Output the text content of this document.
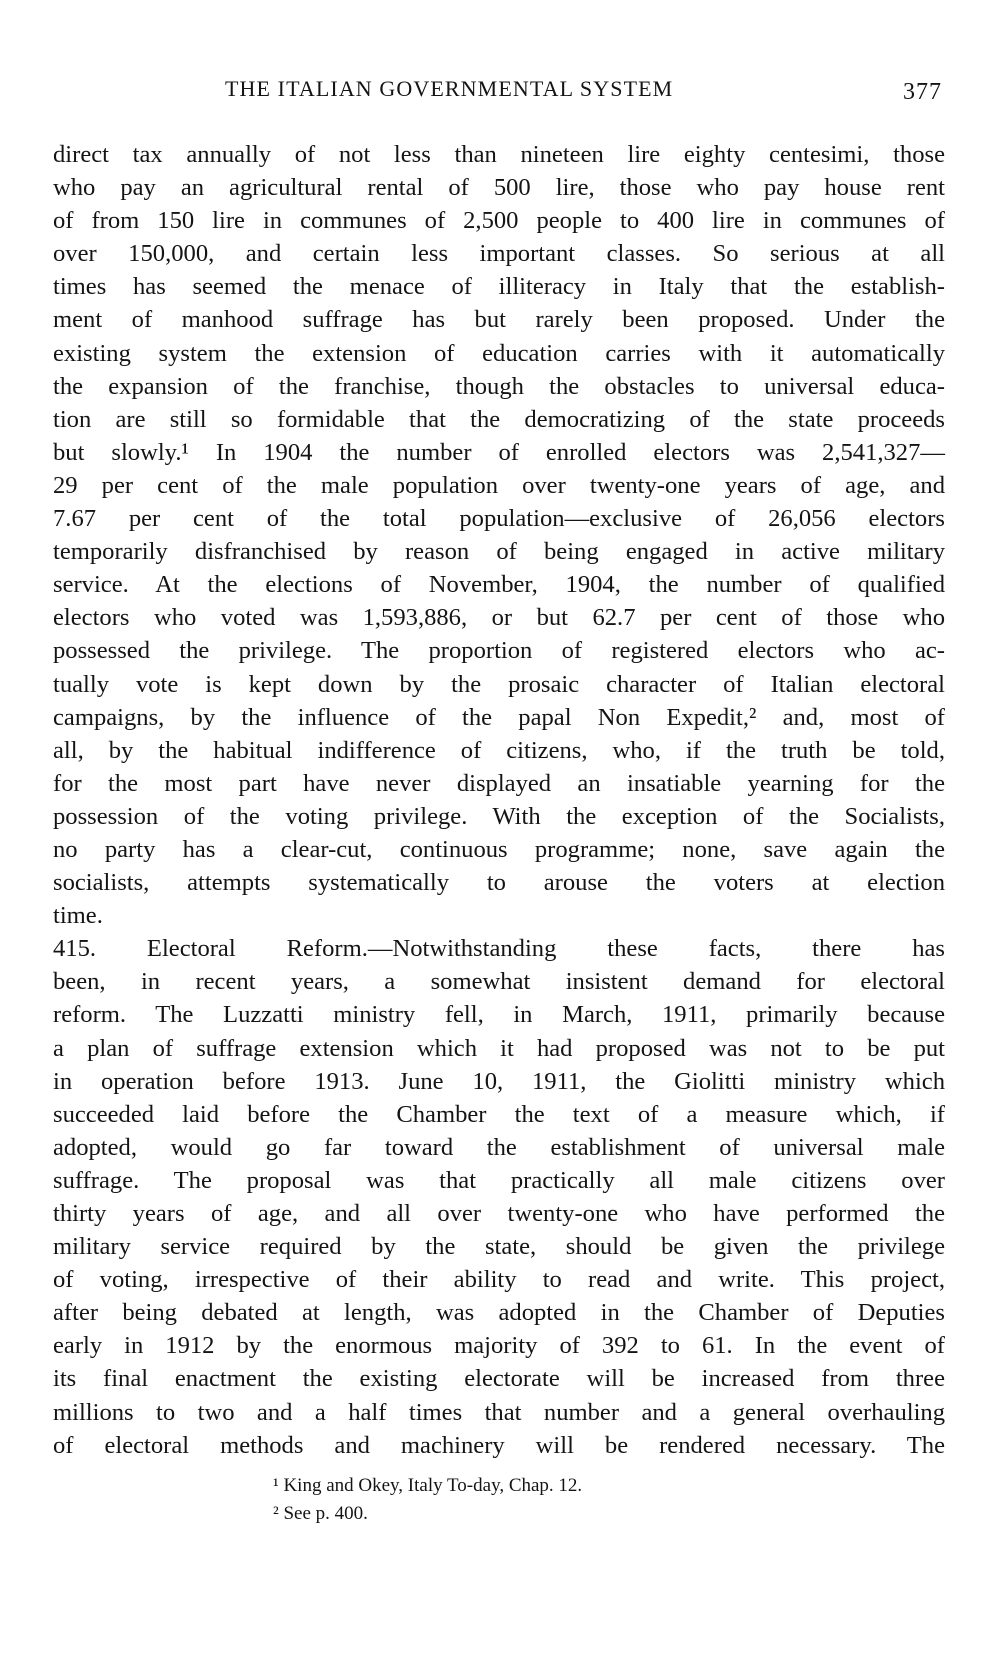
THE ITALIAN GOVERNMENTAL SYSTEM	377
direct tax annually of not less than nineteen lire eighty centesimi, those
who pay an agricultural rental of 500 lire, those who pay house rent
of from 150 lire in communes of 2,500 people to 400 lire in communes of
over 150,000, and certain less important classes. So serious at all
times has seemed the menace of illiteracy in Italy that the establish-
ment of manhood suffrage has but rarely been proposed. Under the
existing system the extension of education carries with it automatically
the expansion of the franchise, though the obstacles to universal educa-
tion are still so formidable that the democratizing of the state proceeds
but slowly.¹ In 1904 the number of enrolled electors was 2,541,327—
29 per cent of the male population over twenty-one years of age, and
7.67 per cent of the total population—exclusive of 26,056 electors
temporarily disfranchised by reason of being engaged in active military
service. At the elections of November, 1904, the number of qualified
electors who voted was 1,593,886, or but 62.7 per cent of those who
possessed the privilege. The proportion of registered electors who ac-
tually vote is kept down by the prosaic character of Italian electoral
campaigns, by the influence of the papal Non Expedit,² and, most of
all, by the habitual indifference of citizens, who, if the truth be told,
for the most part have never displayed an insatiable yearning for the
possession of the voting privilege. With the exception of the Socialists,
no party has a clear-cut, continuous programme; none, save again the
socialists, attempts systematically to arouse the voters at election
time.
415. Electoral Reform.—Notwithstanding these facts, there has
been, in recent years, a somewhat insistent demand for electoral
reform. The Luzzatti ministry fell, in March, 1911, primarily because
a plan of suffrage extension which it had proposed was not to be put
in operation before 1913. June 10, 1911, the Giolitti ministry which
succeeded laid before the Chamber the text of a measure which, if
adopted, would go far toward the establishment of universal male
suffrage. The proposal was that practically all male citizens over
thirty years of age, and all over twenty-one who have performed the
military service required by the state, should be given the privilege
of voting, irrespective of their ability to read and write. This project,
after being debated at length, was adopted in the Chamber of Deputies
early in 1912 by the enormous majority of 392 to 61. In the event of
its final enactment the existing electorate will be increased from three
millions to two and a half times that number and a general overhauling
of electoral methods and machinery will be rendered necessary. The
¹ King and Okey, Italy To-day, Chap. 12.
² See p. 400.
